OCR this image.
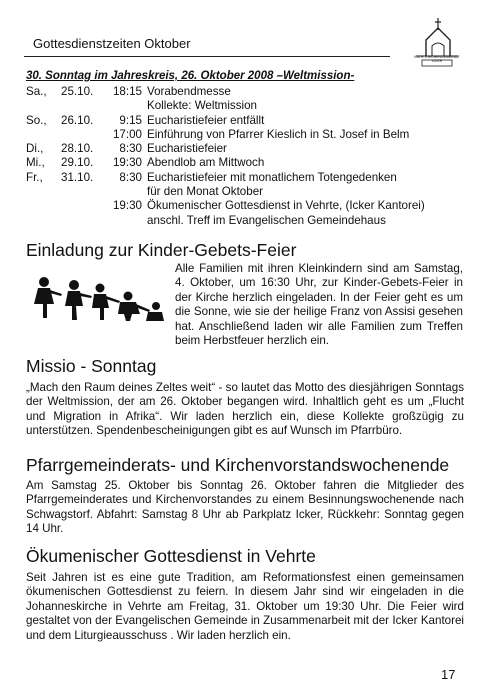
Gottesdienstzeiten Oktober
KATH. KIRCHENGEMEINDE ICKER
30. Sonntag im Jahreskreis, 26. Oktober 2008 –Weltmission-
Sa., 25.10.	18:15 Vorabendmesse
Kollekte: Weltmission
So., 26.10.	9:15 Eucharistiefeier entfällt
17:00 Einführung von Pfarrer Kieslich in St. Josef in Belm
Di., 28.10.	8:30 Eucharistiefeier
Mi., 29.10.	19:30 Abendlob am Mittwoch
Fr., 31.10.	8:30 Eucharistiefeier mit monatlichem Totengedenken
für den Monat Oktober
19:30 Ökumenischer Gottesdienst in Vehrte, (Icker Kantorei)
anschl. Treff im Evangelischen Gemeindehaus
Einladung zur Kinder-Gebets-Feier
Alle Familien mit ihren Kleinkindern sind am Samstag, 4. Oktober, um 16:30 Uhr, zur Kinder-Gebets-Feier in der Kirche herzlich eingeladen. In der Feier geht es um die Sonne, wie sie der heilige Franz von Assisi gesehen hat. Anschließend laden wir alle Familien zum Treffen beim Herbstfeuer herzlich ein.
Missio - Sonntag
„Mach den Raum deines Zeltes weit“ - so lautet das Motto des diesjährigen Sonntags der Weltmission, der am 26. Oktober begangen wird. Inhaltlich geht es um „Flucht und Migration in Afrika“. Wir laden herzlich ein, diese Kollekte großzügig zu unterstützen. Spendenbescheinigungen gibt es auf Wunsch im Pfarrbüro.
Pfarrgemeinderats- und Kirchenvorstandswochenende
Am Samstag 25. Oktober bis Sonntag 26. Oktober fahren die Mitglieder des Pfarrgemeinderates und Kirchenvorstandes zu einem Besinnungswochenende nach Schwagstorf. Abfahrt: Samstag 8 Uhr ab Parkplatz Icker, Rückkehr: Sonntag gegen 14 Uhr.
Ökumenischer Gottesdienst in Vehrte
Seit Jahren ist es eine gute Tradition, am Reformationsfest einen gemeinsamen ökumenischen Gottesdienst zu feiern. In diesem Jahr sind wir eingeladen in die Johanneskirche in Vehrte am Freitag, 31. Oktober um 19:30 Uhr. Die Feier wird gestaltet von der Evangelischen Gemeinde in Zusammenarbeit mit der Icker Kantorei und dem Liturgieausschuss . Wir laden herzlich ein.
17
